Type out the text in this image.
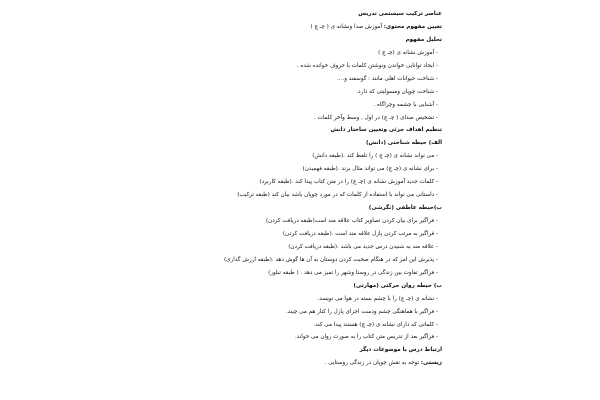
عناصر ترکیب سیستمی تدریس
تعیین مفهوم محتوی: آموزش صدا ونشانه ی ( چـ چ )
تحلیل مفهوم
- آموزش نشانه ی (چـ چ )
- ایجاد توانایی خواندن ونوشتن کلمات با حروف خوانده شده .
- شناخت حیوانات اهلی مانند : گوسفند و....
- شناخت چوپان ومسولیتی که دارد.
- آشنایی با چشمه وچراگاه .
- تشخیص صدای ( چـ چ) در اول , وسط وآخر کلمات .
تنظیم اهداف جزئی وتعیین ساختار دانش
الف) حیطه شناختی (دانش)
- می تواند نشانه ی (چـ چ ) را تلفظ کند .(طبقه دانش)
- برای نشانه ی (چـ چ) می تواند مثال بزند .(طبقه فهمیدن)
- کلمات جدید آموزش نشانه ی (چـ چ) را در متن کتاب پیدا کند .(طبقه کاربرد)
- داستانی می تواند با استفاده از کلمات که در مورد چوپان باشد بیان کند (طبقه ترکیب)
ب)حیطه عاطفی (نگرشی)
- فراگیر برای بیان کردن تصاویر کتاب علاقه مند است(طبقه دریافت کردن)
- فراگیر به مرتب کردن پازل علاقه مند است .(طبقه دریافت کردن)
- علاقه مند به شنیدن درس جدید می باشد .(طبقه دریافت کردن)
- پذیرش این امر که در هنگام صحبت کردن دوستان به آن ها گوش دهد .(طبقه ارزش گذاری)
- فراگیر تفاوت بین زندگی در روستا وشهر را تمیز می دهد . ( طبقه تبلور)
ب) حیطه روان حرکتی (مهارتی)
- نشانه ی (چـ چ) را با چشم بسته در هوا می نویسد.
- فراگیر با هماهنگی چشم ودست اجزای پازل را کنار هم می چیند.
- کلماتی که دارای نشانه ی (چـ چ) هستند پیدا می کند.
- فراگیر بعد از تدریس متن کتاب را به صورت روان می خواند.
ارتباط درس با موضوعات دیگر
زیستی: توجه به نقش چوپان در زندگی روستایی .
